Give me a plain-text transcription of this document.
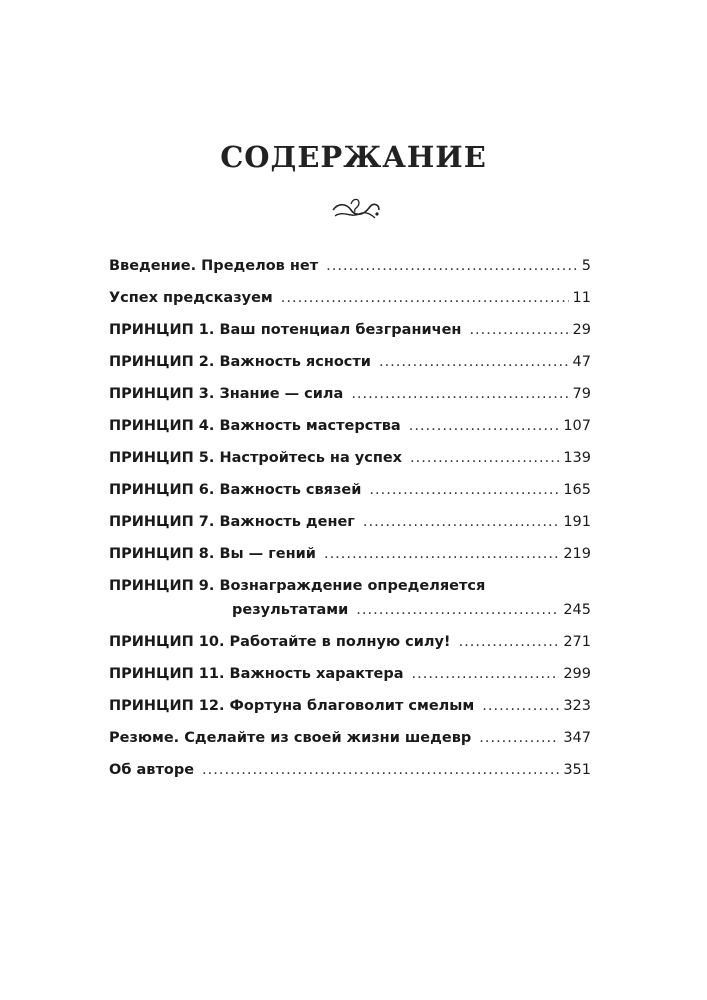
СОДЕРЖАНИЕ
Введение. Пределов нет .....	5
Успех предсказуем .....	11
ПРИНЦИП 1. Ваш потенциал безграничен .....	29
ПРИНЦИП 2. Важность ясности .....	47
ПРИНЦИП 3. Знание — сила .....	79
ПРИНЦИП 4. Важность мастерства .....	107
ПРИНЦИП 5. Настройтесь на успех .....	139
ПРИНЦИП 6. Важность связей .....	165
ПРИНЦИП 7. Важность денег .....	191
ПРИНЦИП 8. Вы — гений .....	219
ПРИНЦИП 9. Вознаграждение определяется
результатами .....	245
ПРИНЦИП 10. Работайте в полную силу! .....	271
ПРИНЦИП 11. Важность характера .....	299
ПРИНЦИП 12. Фортуна благоволит смелым .....	323
Резюме. Сделайте из своей жизни шедевр .....	347
Об авторе .....	351
